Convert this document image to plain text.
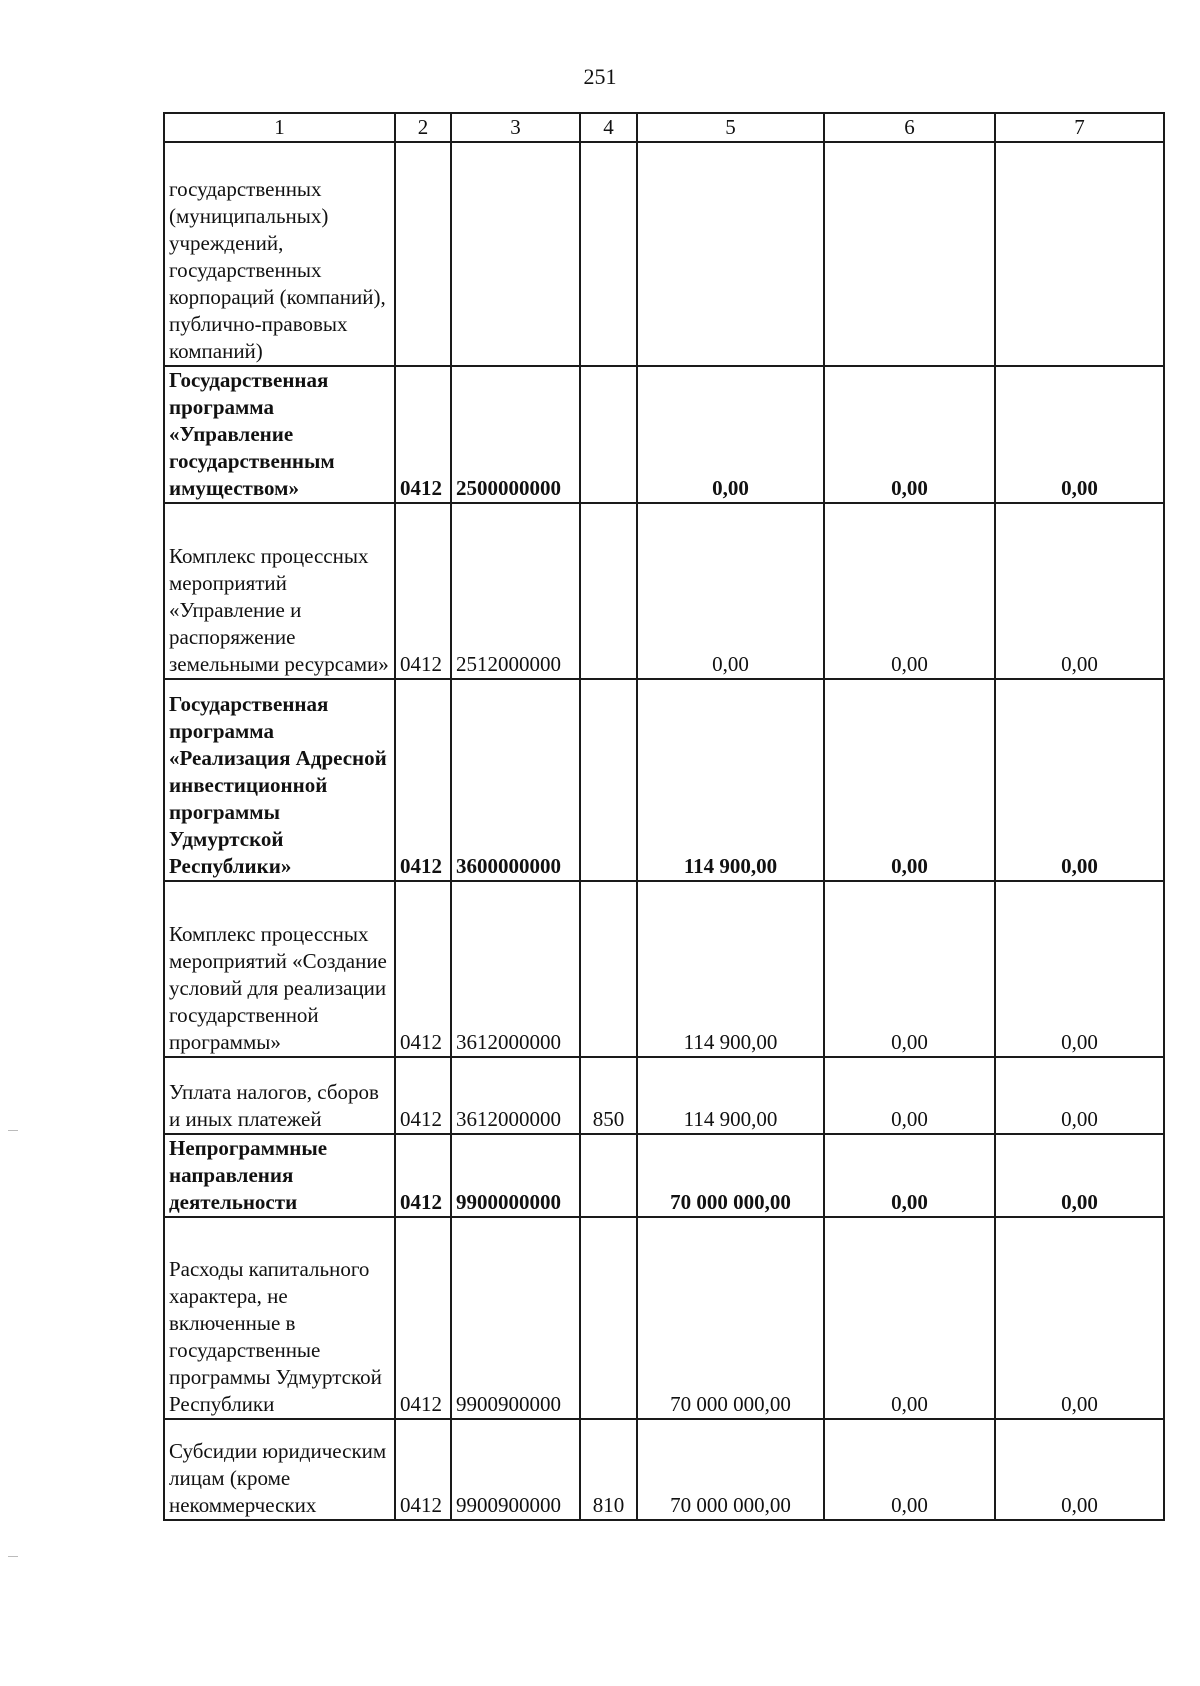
251
1	2	3	4	5	6	7
государственных (муниципальных) учреждений, государственных корпораций (компаний), публично-правовых компаний)						
Государственная программа «Управление государственным имуществом»	0412	2500000000		0,00	0,00	0,00
Комплекс процессных мероприятий «Управление и распоряжение земельными ресурсами»	0412	2512000000		0,00	0,00	0,00
Государственная программа «Реализация Адресной инвестиционной программы Удмуртской Республики»	0412	3600000000		114 900,00	0,00	0,00
Комплекс процессных мероприятий «Создание условий для реализации государственной программы»	0412	3612000000		114 900,00	0,00	0,00
Уплата налогов, сборов и иных платежей	0412	3612000000	850	114 900,00	0,00	0,00
Непрограммные направления деятельности	0412	9900000000		70 000 000,00	0,00	0,00
Расходы капитального характера, не включенные в государственные программы Удмуртской Республики	0412	9900900000		70 000 000,00	0,00	0,00
Субсидии юридическим лицам (кроме некоммерческих	0412	9900900000	810	70 000 000,00	0,00	0,00
